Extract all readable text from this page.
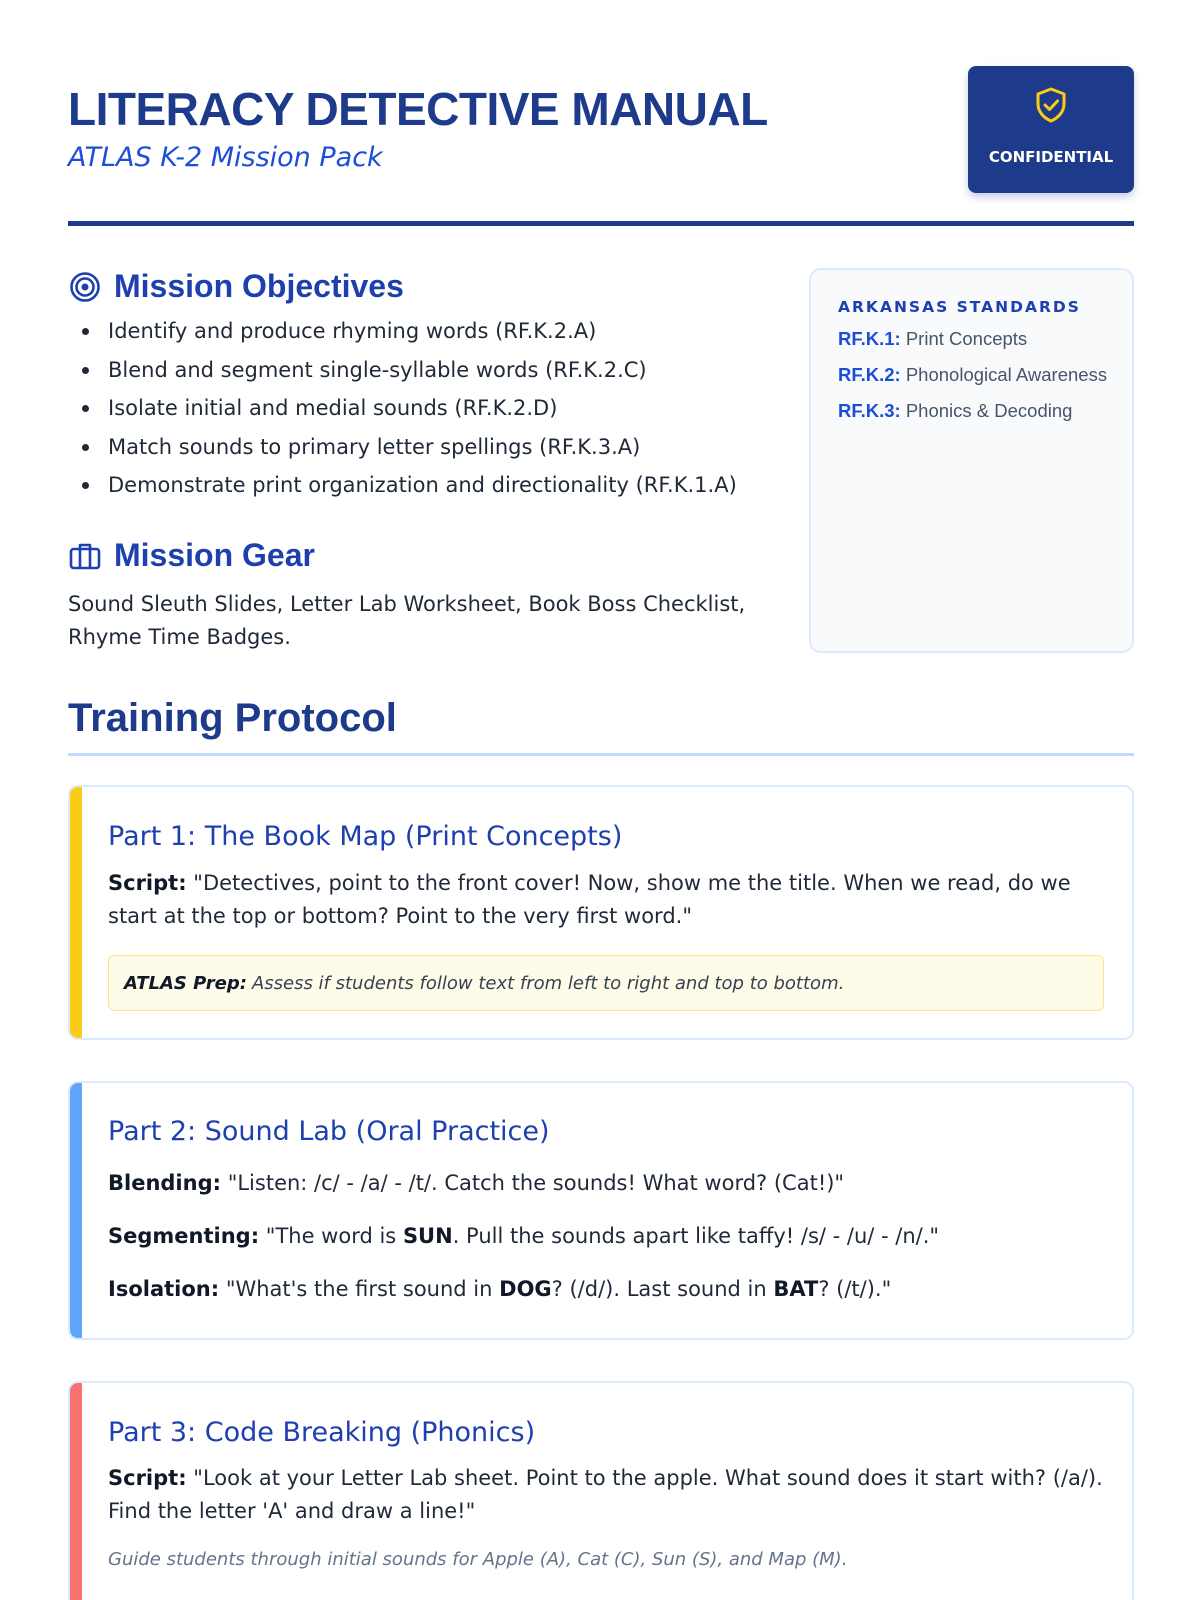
LITERACY DETECTIVE MANUAL
ATLAS K-2 Mission Pack	CONFIDENTIAL
Mission Objectives
Identify and produce rhyming words (RF.K.2.A)
Blend and segment single-syllable words (RF.K.2.C)
Isolate initial and medial sounds (RF.K.2.D)
Match sounds to primary letter spellings (RF.K.3.A)
Demonstrate print organization and directionality (RF.K.1.A)
Mission Gear
Sound Sleuth Slides, Letter Lab Worksheet, Book Boss Checklist, Rhyme Time Badges.
ARKANSAS STANDARDS
RF.K.1: Print Concepts
RF.K.2: Phonological Awareness
RF.K.3: Phonics & Decoding
Training Protocol
Part 1: The Book Map (Print Concepts)
Script: "Detectives, point to the front cover! Now, show me the title. When we read, do we start at the top or bottom? Point to the very first word."
ATLAS Prep: Assess if students follow text from left to right and top to bottom.
Part 2: Sound Lab (Oral Practice)
Blending: "Listen: /c/ - /a/ - /t/. Catch the sounds! What word? (Cat!)"
Segmenting: "The word is SUN. Pull the sounds apart like taffy! /s/ - /u/ - /n/."
Isolation: "What's the first sound in DOG? (/d/). Last sound in BAT? (/t/)."
Part 3: Code Breaking (Phonics)
Script: "Look at your Letter Lab sheet. Point to the apple. What sound does it start with? (/a/). Find the letter 'A' and draw a line!"
Guide students through initial sounds for Apple (A), Cat (C), Sun (S), and Map (M).
